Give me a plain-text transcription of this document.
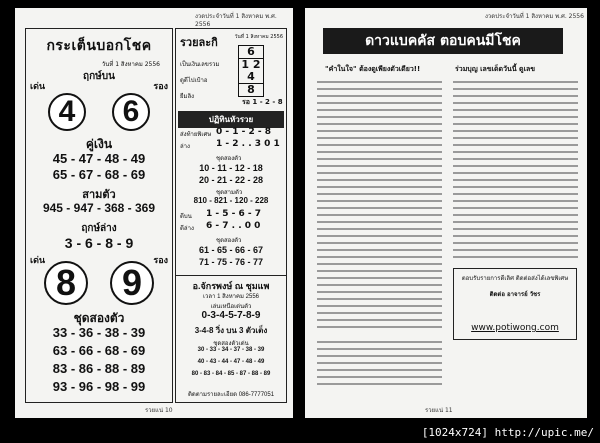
งวดประจำวันที่ 1 สิงหาคม พ.ศ. 2556
กระเต็นบอกโชค
วันที่ 1 สิงหาคม 2556
ฤกษ์บน
เด่น	รอง
4	6
คู่เงิน
45 - 47 - 48 - 49
65 - 67 - 68 - 69
สามตัว
945 - 947 - 368 - 369
ฤกษ์ล่าง
3 - 6 - 8 - 9
เด่น	รอง
8	9
ชุดสองตัว
33 - 36 - 38 - 39
63 - 66 - 68 - 69
83 - 86 - 88 - 89
93 - 96 - 98 - 99
รวยละกิ	วันที่ 1 สิงหาคม 2556
6
1 2 4
8
เป็นเงินเลขรวม
ดูดีไปเป้าอ
ยืมลิง
รอ 1 - 2 - 8
ปฏิทินหัวรวย
ส่งท้ายพิเศษ 0 - 1 - 2 - 8
ล่าง	1 - 2 . . 3 0 1
ชุดสองตัว
10 - 11 - 12 - 18
20 - 21 - 22 - 28
ชุดสามตัว
810 - 821 - 120 - 228
ดีบน 1 - 5 - 6 - 7
ดีล่าง 6 - 7 . . 0 0
ชุดสองตัว
61 - 65 - 66 - 67
71 - 75 - 76 - 77
อ.จักรพงษ์ ณ ชุมแพ
เวลา 1 สิงหาคม 2556
เล่นเหนือเด่นตัว
0-3-4-5-7-8-9
3-4-8 วิ่ง บน 3 ตัวเต็ง
ชุดสองตัวเด่น
30 - 33 - 34 - 37 - 38 - 39
40 - 43 - 44 - 47 - 48 - 49
80 - 83 - 84 - 85 - 87 - 88 - 89
ติดตามรายละเอียด 086-7777051
รวยแน่ 10
งวดประจำวันที่ 1 สิงหาคม พ.ศ. 2556
ดาวแบคคัส ตอบคนมีโชค
"คำในใจ" ต้องดูเพียงตัวเดียว!!	ร่วมบุญ เลขเด็ดวันนี้ ดูเลข
ตอบรับรายการดีเลิศ ติดต่อส่งได้เลขพิเศษ
ติดต่อ อาจารย์ วัชร
www.potiwong.com
รวยแน่ 11
[1024x724] http://upic.me/
